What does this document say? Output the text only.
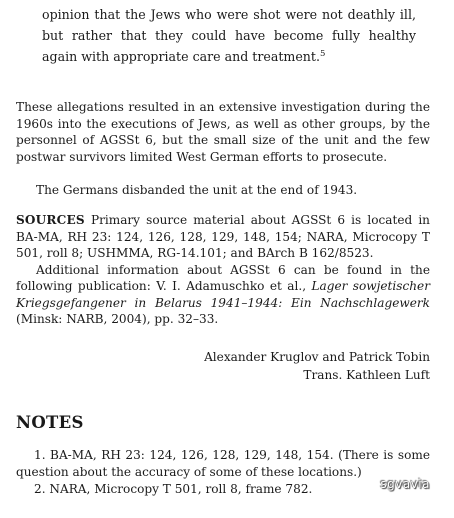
opinion that the Jews who were shot were not deathly ill, but rather that they could have become fully healthy again with appropriate care and treatment.$^5$

These allegations resulted in an extensive investigation during the 1960s into the executions of Jews, as well as other groups, by the personnel of AGSSt 6, but the small size of the unit and the few postwar survivors limited West German efforts to prosecute.

The Germans disbanded the unit at the end of 1943.

SOURCES Primary source material about AGSSt 6 is located in BA-MA, RH 23: 124, 126, 128, 129, 148, 154; NARA, Microcopy T 501, roll 8; USHMMA, RG-14.101; and BArch B 162/8523.

Additional information about AGSSt 6 can be found in the following publication: V. I. Adamuschko et al., Lager sowjetischer Kriegsgefangener in Belarus 1941–1944: Ein Nachschlagewerk (Minsk: NARB, 2004), pp. 32–33.

Alexander Kruglov and Patrick Tobin
Trans. Kathleen Luft
NOTES

1. BA-MA, RH 23: 124, 126, 128, 129, 148, 154. (There is some question about the accuracy of some of these locations.)

2. NARA, Microcopy T 501, roll 8, frame 782.	sgvavia
